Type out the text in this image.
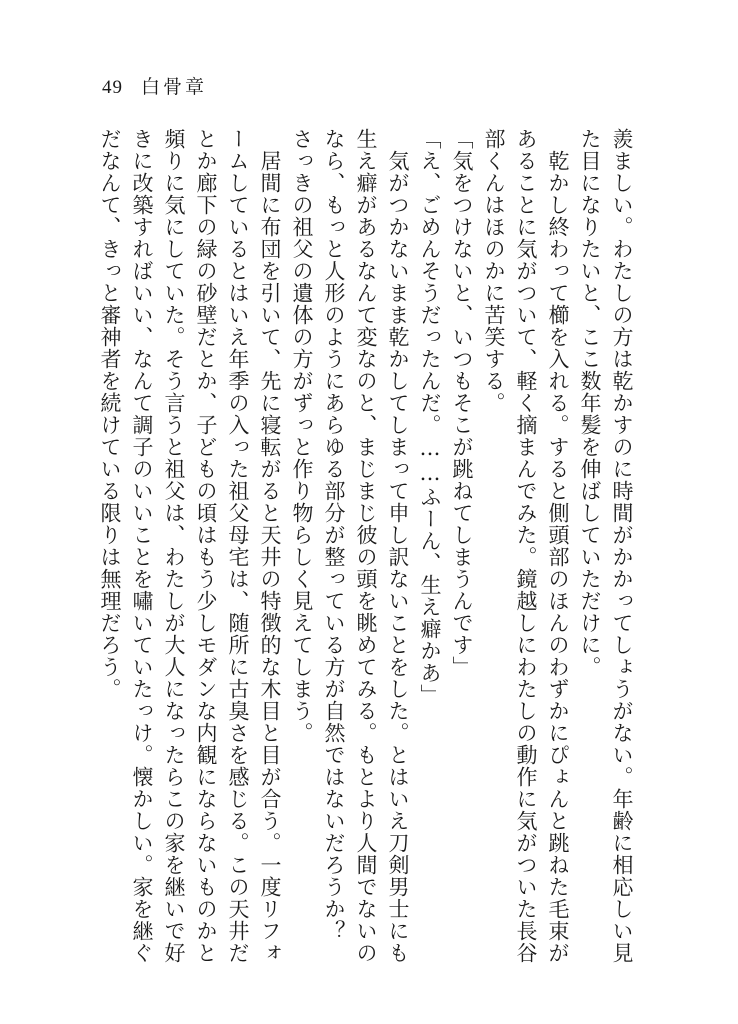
49 白骨章

羨ましい。わたしの方は乾かすのに時間がかかってしょうがない。年齢に相応しい見た目になりたいと、ここ数年髪を伸ばしていただけに。

　乾かし終わって櫛を入れる。すると側頭部のほんのわずかにぴょんと跳ねた毛束があることに気がついて、軽く摘まんでみた。鏡越しにわたしの動作に気がついた長谷部くんはほのかに苦笑する。

「気をつけないと、いつもそこが跳ねてしまうんです」

「え、ごめんそうだったんだ。……ふーん、生え癖かあ」

　気がつかないまま乾かしてしまって申し訳ないことをした。とはいえ刀剣男士にも生え癖があるなんて変なのと、まじまじ彼の頭を眺めてみる。もとより人間でないのなら、もっと人形のようにあらゆる部分が整っている方が自然ではないだろうか？　さっきの祖父の遺体の方がずっと作り物らしく見えてしまう。

　居間に布団を引いて、先に寝転がると天井の特徴的な木目と目が合う。一度リフォームしているとはいえ年季の入った祖父母宅は、随所に古臭さを感じる。この天井だとか廊下の緑の砂壁だとか、子どもの頃はもう少しモダンな内観にならないものかと頻りに気にしていた。そう言うと祖父は、わたしが大人になったらこの家を継いで好きに改築すればいい、なんて調子のいいことを嘯いていたっけ。懐かしい。家を継ぐだなんて、きっと審神者を続けている限りは無理だろう。
